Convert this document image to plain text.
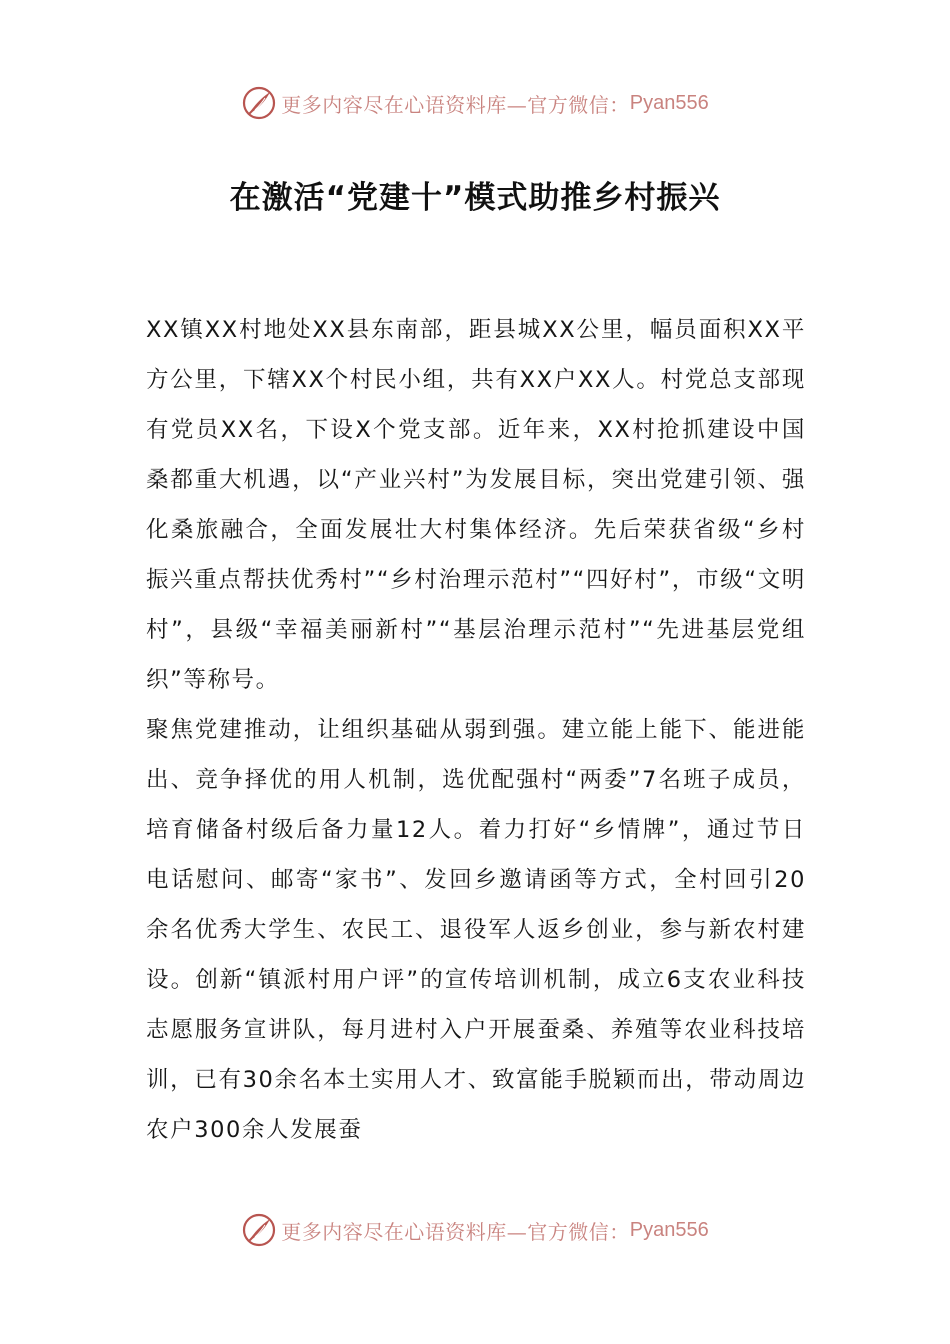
更多内容尽在心语资料库—官方微信： Pyan556
在激活“党建十”模式助推乡村振兴

XX镇XX村地处XX县东南部，距县城XX公里，幅员面积XX平方公里，下辖XX个村民小组，共有XX户XX人。村党总支部现有党员XX名，下设X个党支部。近年来，XX村抢抓建设中国桑都重大机遇，以“产业兴村”为发展目标，突出党建引领、强化桑旅融合，全面发展壮大村集体经济。先后荣获省级“乡村振兴重点帮扶优秀村”“乡村治理示范村”“四好村”，市级“文明村”，县级“幸福美丽新村”“基层治理示范村”“先进基层党组织”等称号。

聚焦党建推动，让组织基础从弱到强。建立能上能下、能进能出、竞争择优的用人机制，选优配强村“两委”7名班子成员，培育储备村级后备力量12人。着力打好“乡情牌”，通过节日电话慰问、邮寄“家书”、发回乡邀请函等方式，全村回引20余名优秀大学生、农民工、退役军人返乡创业，参与新农村建设。创新“镇派村用户评”的宣传培训机制，成立6支农业科技志愿服务宣讲队，每月进村入户开展蚕桑、养殖等农业科技培训，已有30余名本土实用人才、致富能手脱颖而出，带动周边农户300余人发展蚕

更多内容尽在心语资料库—官方微信： Pyan556
